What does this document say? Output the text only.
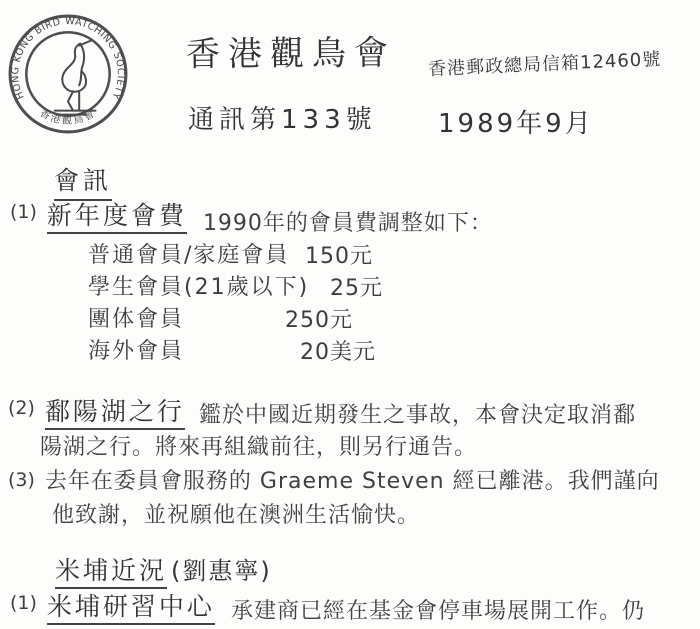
HONG KONG BIRD WATCHING SOCIETY
香港觀鳥會
香港觀鳥會 香港郵政總局信箱12460號
通訊第133號 1989年9月
會訊
(1) 新年度會費 1990年的會員費調整如下：
普通會員/家庭會員 150元
學生會員(21歲以下) 25元
團体會員	250元
海外會員	20美元
(2) 鄱陽湖之行 鑑於中國近期發生之事故，本會決定取消鄱
陽湖之行。將來再組織前往，則另行通告。
(3) 去年在委員會服務的 Graeme Steven 經已離港。我們謹向
他致謝，並祝願他在澳洲生活愉快。
米埔近況 (劉惠寧)
(1) 米埔研習中心 承建商已經在基金會停車場展開工作。仍
